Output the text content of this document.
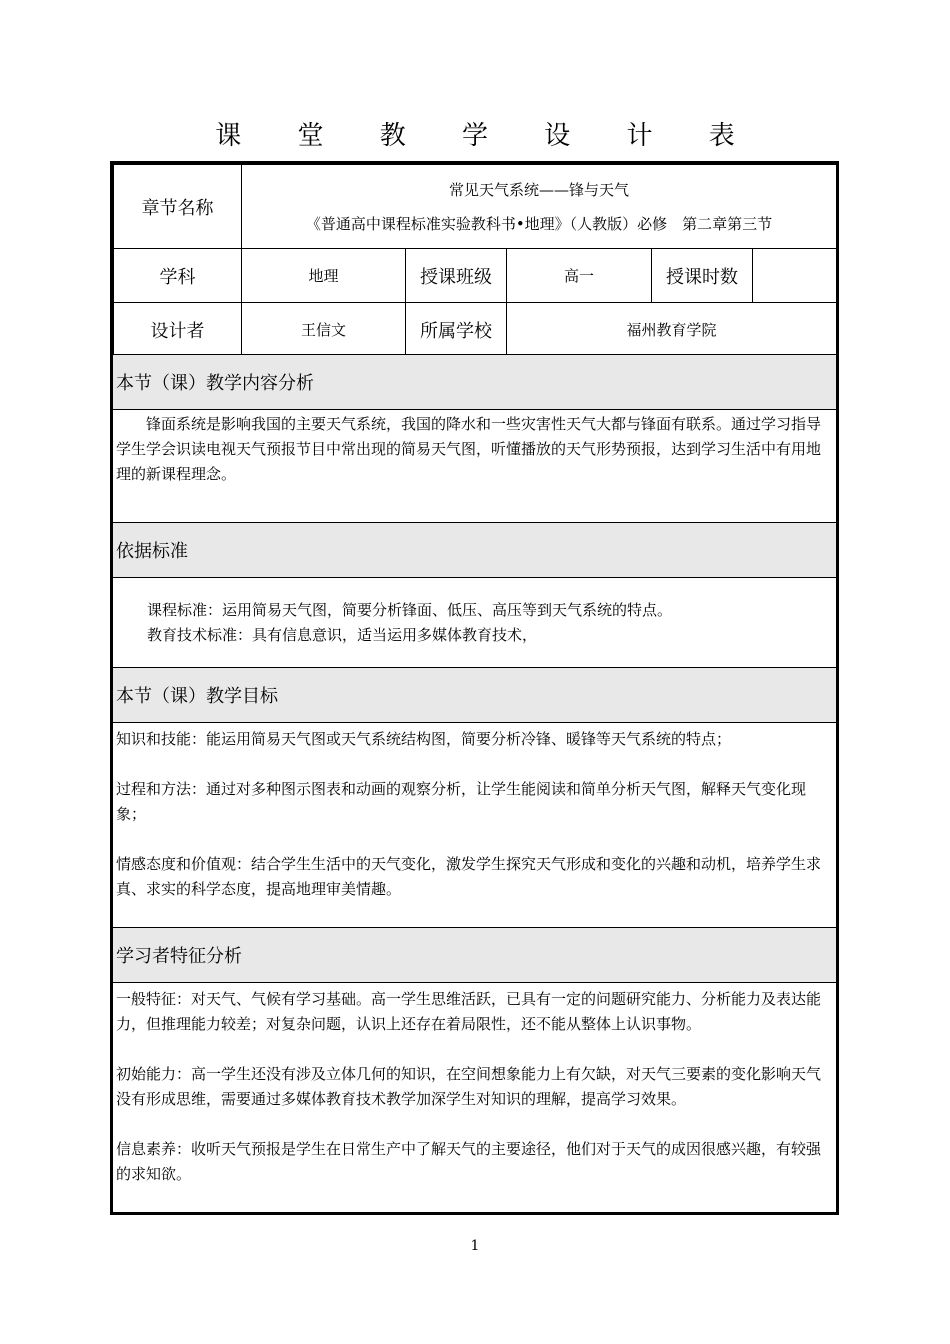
课 堂 教 学 设 计 表
章节名称	常见天气系统——锋与天气
《普通高中课程标准实验教科书•地理》（人教版）必修　第二章第三节				

学科	地理	授课班级	高一	授课时数	
设计者	王信文	所属学校	福州教育学院		
本节（课）教学内容分析

锋面系统是影响我国的主要天气系统，我国的降水和一些灾害性天气大都与锋面有联系。通过学习指导学生学会识读电视天气预报节目中常出现的简易天气图，听懂播放的天气形势预报，达到学习生活中有用地理的新课程理念。

依据标准

课程标准：运用简易天气图，简要分析锋面、低压、高压等到天气系统的特点。

教育技术标准：具有信息意识，适当运用多媒体教育技术，

本节（课）教学目标

知识和技能：能运用简易天气图或天气系统结构图，简要分析冷锋、暖锋等天气系统的特点；

过程和方法：通过对多种图示图表和动画的观察分析，让学生能阅读和简单分析天气图，解释天气变化现象；

情感态度和价值观：结合学生生活中的天气变化，激发学生探究天气形成和变化的兴趣和动机，培养学生求真、求实的科学态度，提高地理审美情趣。

学习者特征分析

一般特征：对天气、气候有学习基础。高一学生思维活跃，已具有一定的问题研究能力、分析能力及表达能力，但推理能力较差；对复杂问题，认识上还存在着局限性，还不能从整体上认识事物。

初始能力：高一学生还没有涉及立体几何的知识，在空间想象能力上有欠缺，对天气三要素的变化影响天气没有形成思维，需要通过多媒体教育技术教学加深学生对知识的理解，提高学习效果。

信息素养：收听天气预报是学生在日常生产中了解天气的主要途径，他们对于天气的成因很感兴趣，有较强的求知欲。

1
